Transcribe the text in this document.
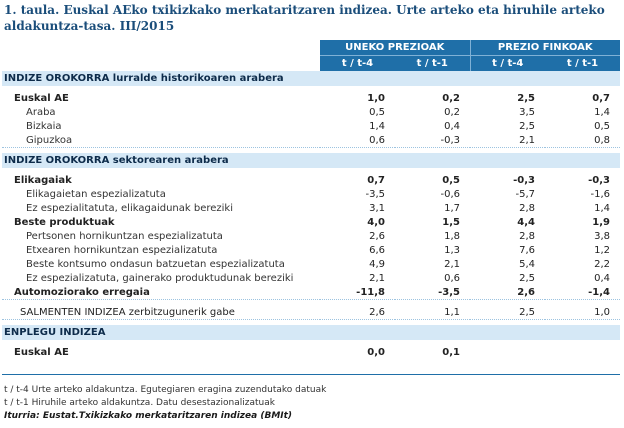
1. taula. Euskal AEko txikizkako merkataritzaren indizea. Urte arteko eta hiruhile arteko aldakuntza-tasa. III/2015
	UNEKO PREZIOAK		PREZIO FINKOAK	
	t / t-4	t / t-1	t / t-4	t / t-1
INDIZE OROKORRA lurralde historikoaren arabera				

Euskal AE	1,0	0,2	2,5	0,7
Araba	0,5	0,2	3,5	1,4
Bizkaia	1,4	0,4	2,5	0,5
Gipuzkoa	0,6	-0,3	2,1	0,8

INDIZE OROKORRA sektorearen arabera				

Elikagaiak	0,7	0,5	-0,3	-0,3
Elikagaietan espezializatuta	-3,5	-0,6	-5,7	-1,6
Ez espezialitatuta, elikagaidunak bereziki	3,1	1,7	2,8	1,4
Beste produktuak	4,0	1,5	4,4	1,9
Pertsonen hornikuntzan espezializatuta	2,6	1,8	2,8	3,8
Etxearen hornikuntzan espezializatuta	6,6	1,3	7,6	1,2
Beste kontsumo ondasun batzuetan espezializatuta	4,9	2,1	5,4	2,2
Ez espezializatuta, gainerako produktudunak bereziki	2,1	0,6	2,5	0,4
Automoziorako erregaia	-11,8	-3,5	2,6	-1,4

SALMENTEN INDIZEA zerbitzugunerik gabe	2,6	1,1	2,5	1,0

ENPLEGU INDIZEA				

Euskal AE	0,0	0,1		
t / t-4 Urte arteko aldakuntza. Egutegiaren eragina zuzendutako datuak
t / t-1 Hiruhile arteko aldakuntza. Datu desestazionalizatuak
Iturria: Eustat.Txikizkako merkataritzaren indizea (BMIt)
